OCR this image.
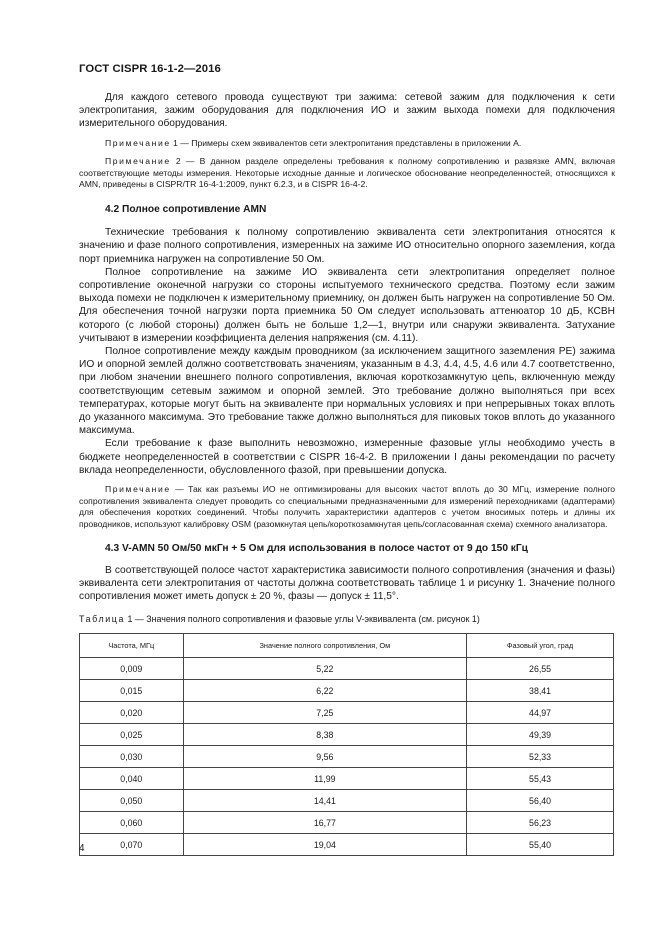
ГОСТ CISPR 16-1-2—2016

Для каждого сетевого провода существуют три зажима: сетевой зажим для подключения к сети электропитания, зажим оборудования для подключения ИО и зажим выхода помехи для подключения измерительного оборудования.

Примечание 1 — Примеры схем эквивалентов сети электропитания представлены в приложении А.

Примечание 2 — В данном разделе определены требования к полному сопротивлению и развязке AMN, включая соответствующие методы измерения. Некоторые исходные данные и логическое обоснование неопределенностей, относящихся к AMN, приведены в CISPR/TR 16-4-1:2009, пункт 6.2.3, и в CISPR 16-4-2.

4.2 Полное сопротивление AMN

Технические требования к полному сопротивлению эквивалента сети электропитания относятся к значению и фазе полного сопротивления, измеренных на зажиме ИО относительно опорного заземления, когда порт приемника нагружен на сопротивление 50 Ом.

Полное сопротивление на зажиме ИО эквивалента сети электропитания определяет полное сопротивление оконечной нагрузки со стороны испытуемого технического средства. Поэтому если зажим выхода помехи не подключен к измерительному приемнику, он должен быть нагружен на сопротивление 50 Ом. Для обеспечения точной нагрузки порта приемника 50 Ом следует использовать аттенюатор 10 дБ, КСВН которого (с любой стороны) должен быть не больше 1,2—1, внутри или снаружи эквивалента. Затухание учитывают в измерении коэффициента деления напряжения (см. 4.11).

Полное сопротивление между каждым проводником (за исключением защитного заземления РЕ) зажима ИО и опорной землей должно соответствовать значениям, указанным в 4.3, 4.4, 4.5, 4.6 или 4.7 соответственно, при любом значении внешнего полного сопротивления, включая короткозамкнутую цепь, включенную между соответствующим сетевым зажимом и опорной землей. Это требование должно выполняться при всех температурах, которые могут быть на эквиваленте при нормальных условиях и при непрерывных токах вплоть до указанного максимума. Это требование также должно выполняться для пиковых токов вплоть до указанного максимума.

Если требование к фазе выполнить невозможно, измеренные фазовые углы необходимо учесть в бюджете неопределенностей в соответствии с CISPR 16-4-2. В приложении I даны рекомендации по расчету вклада неопределенности, обусловленного фазой, при превышении допуска.

Примечание — Так как разъемы ИО не оптимизированы для высоких частот вплоть до 30 МГц, измерение полного сопротивления эквивалента следует проводить со специальными предназначенными для измерений переходниками (адаптерами) для обеспечения коротких соединений. Чтобы получить характеристики адаптеров с учетом вносимых потерь и длины их проводников, используют калибровку OSM (разомкнутая цепь/короткозамкнутая цепь/согласованная схема) схемного анализатора.

4.3 V-AMN 50 Ом/50 мкГн + 5 Ом для использования в полосе частот от 9 до 150 кГц

В соответствующей полосе частот характеристика зависимости полного сопротивления (значения и фазы) эквивалента сети электропитания от частоты должна соответствовать таблице 1 и рисунку 1. Значение полного сопротивления может иметь допуск ± 20 %, фазы — допуск ± 11,5°.

Таблица 1 — Значения полного сопротивления и фазовые углы V-эквивалента (см. рисунок 1)

Частота, МГц	Значение полного сопротивления, Ом	Фазовый угол, град
0,009	5,22	26,55
0,015	6,22	38,41
0,020	7,25	44,97
0,025	8,38	49,39
0,030	9,56	52,33
0,040	11,99	55,43
0,050	14,41	56,40
0,060	16,77	56,23
0,070	19,04	55,40
4
